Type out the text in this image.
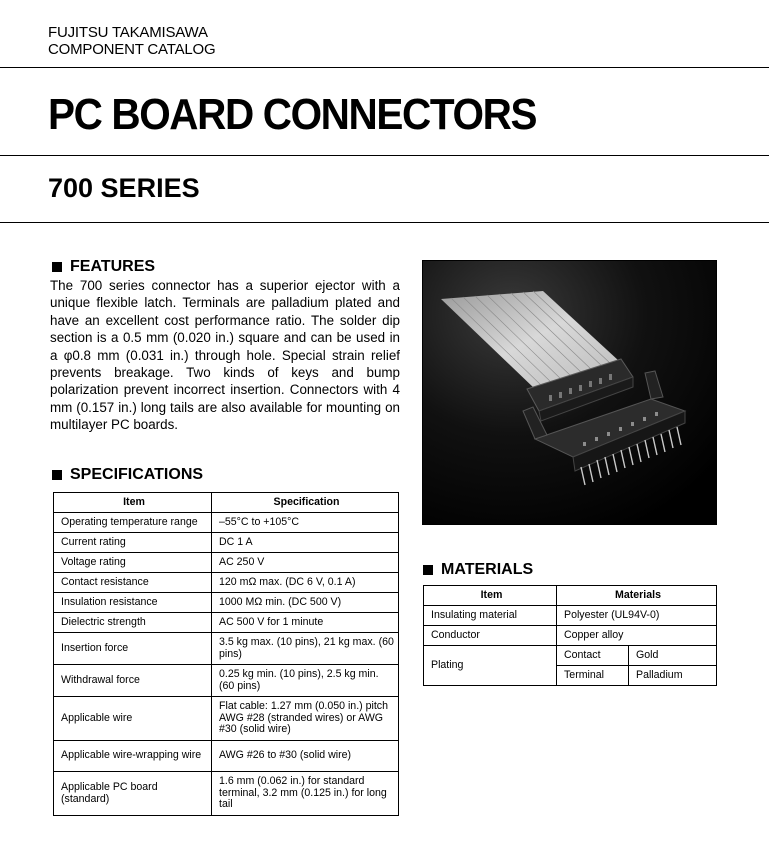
FUJITSU TAKAMISAWA
COMPONENT CATALOG
PC BOARD CONNECTORS
700 SERIES
FEATURES

The 700 series connector has a superior ejector with a unique flexible latch. Terminals are palladium plated and have an excellent cost performance ratio. The solder dip section is a 0.5 mm (0.020 in.) square and can be used in a φ0.8 mm (0.031 in.) through hole. Special strain relief prevents breakage. Two kinds of keys and bump polarization prevent incorrect insertion. Connectors with 4 mm (0.157 in.) long tails are also available for mounting on multilayer PC boards.

SPECIFICATIONS
Item	Specification
Operating temperature range	–55°C to +105°C
Current rating	DC 1 A
Voltage rating	AC 250 V
Contact resistance	120 mΩ max. (DC 6 V, 0.1 A)
Insulation resistance	1000 MΩ min. (DC 500 V)
Dielectric strength	AC 500 V for 1 minute
Insertion force	3.5 kg max. (10 pins), 21 kg max. (60 pins)
Withdrawal force	0.25 kg min. (10 pins), 2.5 kg min. (60 pins)
Applicable wire	Flat cable: 1.27 mm (0.050 in.) pitch AWG #28 (stranded wires) or AWG #30 (solid wire)
Applicable wire-wrapping wire	AWG #26 to #30 (solid wire)
Applicable PC board (standard)	1.6 mm (0.062 in.) for standard terminal, 3.2 mm (0.125 in.) for long tail
MATERIALS
Item	Materials	
Insulating material	Polyester (UL94V-0)	
Conductor	Copper alloy	
Plating	Contact	Gold
	Terminal	Palladium
